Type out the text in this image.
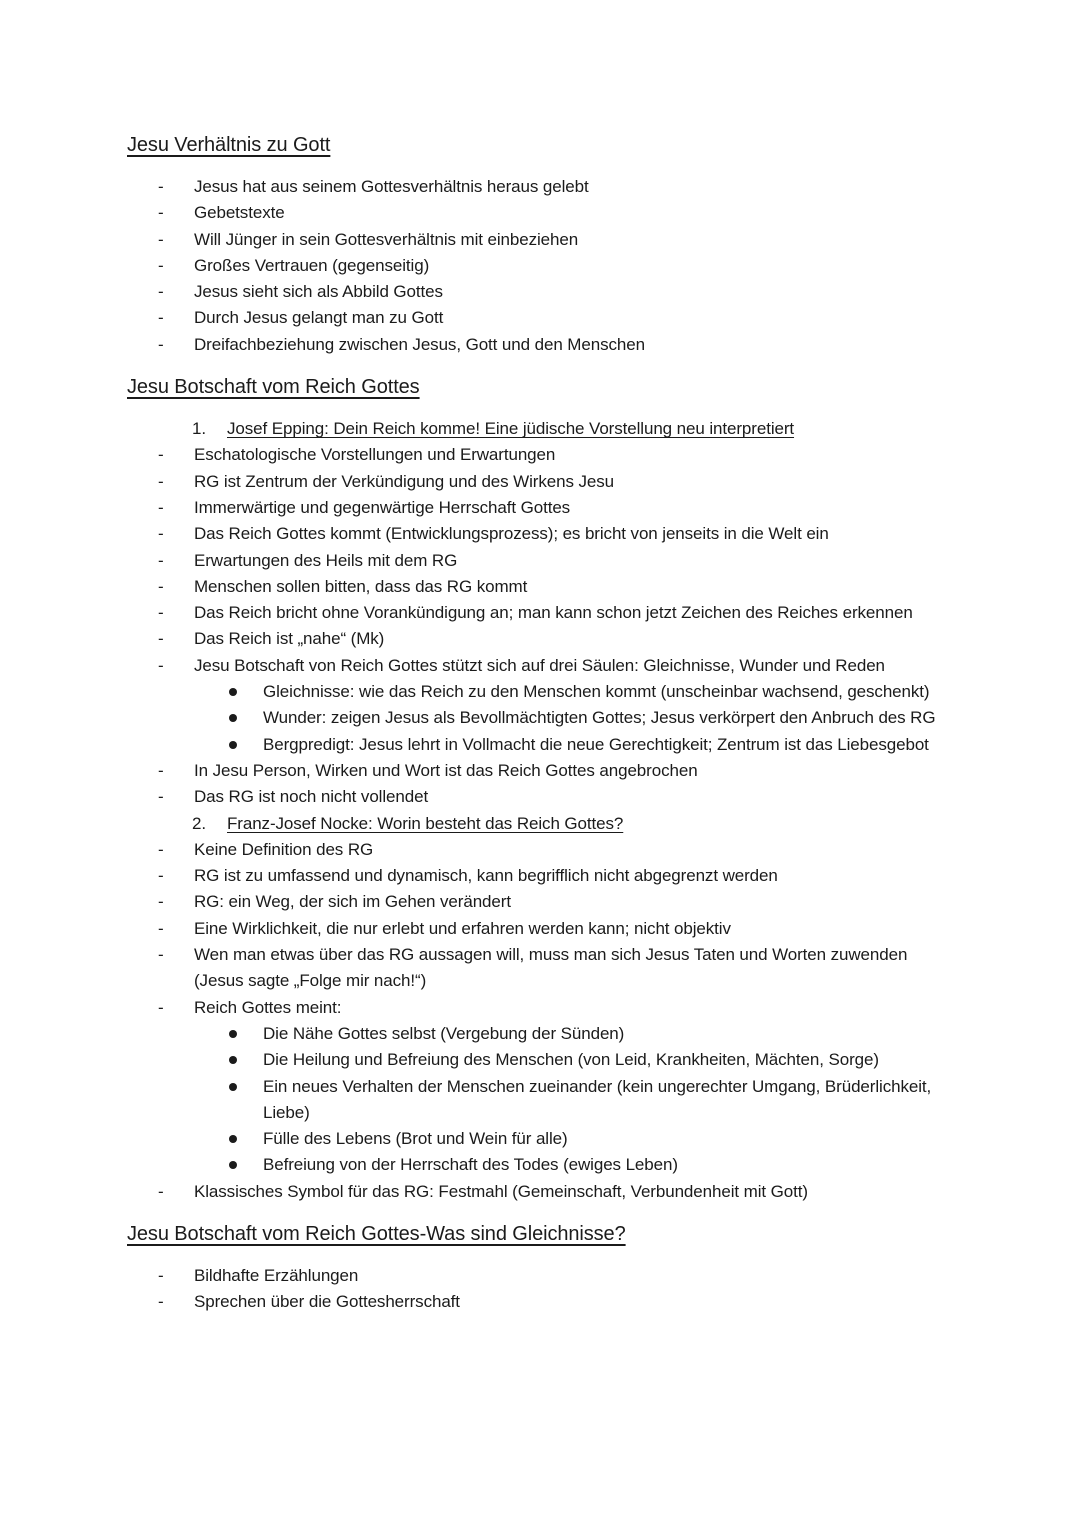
Jesu Verhältnis zu Gott
- Jesus hat aus seinem Gottesverhältnis heraus gelebt
- Gebetstexte
- Will Jünger in sein Gottesverhältnis mit einbeziehen
- Großes Vertrauen (gegenseitig)
- Jesus sieht sich als Abbild Gottes
- Durch Jesus gelangt man zu Gott
- Dreifachbeziehung zwischen Jesus, Gott und den Menschen
Jesu Botschaft vom Reich Gottes
1. Josef Epping: Dein Reich komme! Eine jüdische Vorstellung neu interpretiert
- Eschatologische Vorstellungen und Erwartungen
- RG ist Zentrum der Verkündigung und des Wirkens Jesu
- Immerwärtige und gegenwärtige Herrschaft Gottes
- Das Reich Gottes kommt (Entwicklungsprozess); es bricht von jenseits in die Welt ein
- Erwartungen des Heils mit dem RG
- Menschen sollen bitten, dass das RG kommt
- Das Reich bricht ohne Vorankündigung an; man kann schon jetzt Zeichen des Reiches erkennen
- Das Reich ist „nahe“ (Mk)
- Jesu Botschaft von Reich Gottes stützt sich auf drei Säulen: Gleichnisse, Wunder und Reden
Gleichnisse: wie das Reich zu den Menschen kommt (unscheinbar wachsend, geschenkt)
Wunder: zeigen Jesus als Bevollmächtigten Gottes; Jesus verkörpert den Anbruch des RG
Bergpredigt: Jesus lehrt in Vollmacht die neue Gerechtigkeit; Zentrum ist das Liebesgebot
- In Jesu Person, Wirken und Wort ist das Reich Gottes angebrochen
- Das RG ist noch nicht vollendet
2. Franz-Josef Nocke: Worin besteht das Reich Gottes?
- Keine Definition des RG
- RG ist zu umfassend und dynamisch, kann begrifflich nicht abgegrenzt werden
- RG: ein Weg, der sich im Gehen verändert
- Eine Wirklichkeit, die nur erlebt und erfahren werden kann; nicht objektiv
- Wen man etwas über das RG aussagen will, muss man sich Jesus Taten und Worten zuwenden (Jesus sagte „Folge mir nach!“)
- Reich Gottes meint:
Die Nähe Gottes selbst (Vergebung der Sünden)
Die Heilung und Befreiung des Menschen (von Leid, Krankheiten, Mächten, Sorge)
Ein neues Verhalten der Menschen zueinander (kein ungerechter Umgang, Brüderlichkeit, Liebe)
Fülle des Lebens (Brot und Wein für alle)
Befreiung von der Herrschaft des Todes (ewiges Leben)
- Klassisches Symbol für das RG: Festmahl (Gemeinschaft, Verbundenheit mit Gott)
Jesu Botschaft vom Reich Gottes-Was sind Gleichnisse?
- Bildhafte Erzählungen
- Sprechen über die Gottesherrschaft
